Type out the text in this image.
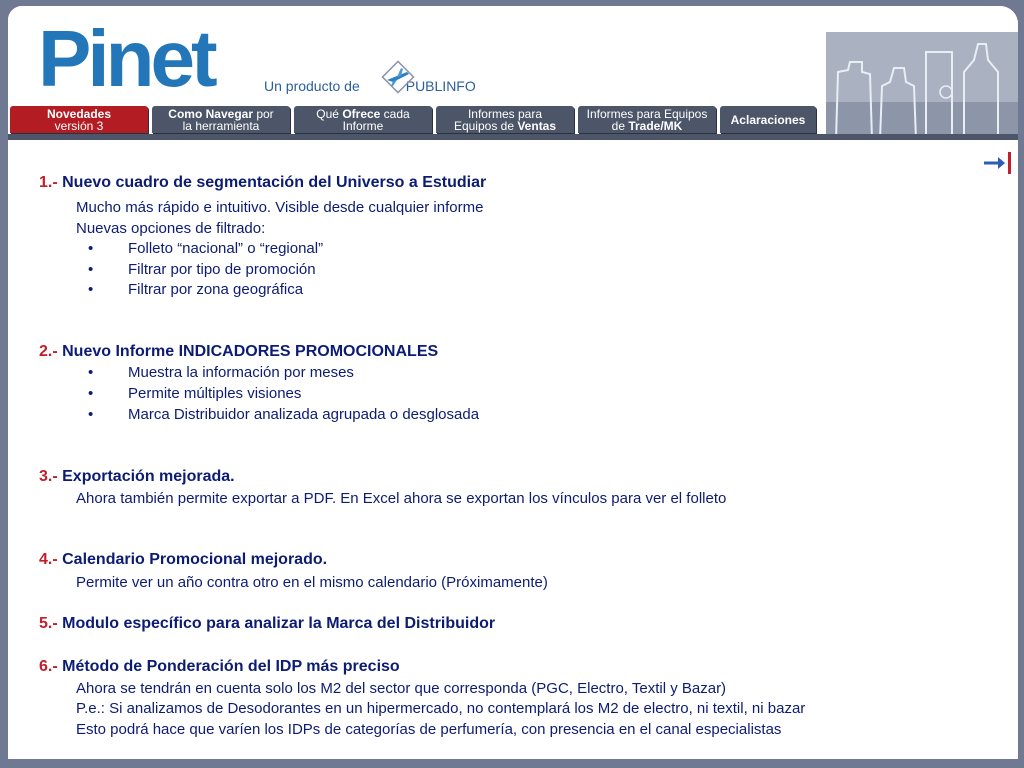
Pinet	Un producto de	PUBLINFO
Novedades
versión 3
Como Navegar por
la herramienta
Qué Ofrece cada
Informe
Informes para
Equipos de Ventas
Informes para Equipos
de Trade/MK	Aclaraciones
1.- Nuevo cuadro de segmentación del Universo a Estudiar
Mucho más rápido e intuitivo. Visible desde cualquier informe
Nuevas opciones de filtrado:
• Folleto “nacional” o “regional”
• Filtrar por tipo de promoción
• Filtrar por zona geográfica
2.- Nuevo Informe INDICADORES PROMOCIONALES
• Muestra la información por meses
• Permite múltiples visiones
• Marca Distribuidor analizada agrupada o desglosada
3.- Exportación mejorada.
Ahora también permite exportar a PDF. En Excel ahora se exportan los vínculos para ver el folleto
4.- Calendario Promocional mejorado.
Permite ver un año contra otro en el mismo calendario (Próximamente)
5.- Modulo específico para analizar la Marca del Distribuidor
6.- Método de Ponderación del IDP más preciso
Ahora se tendrán en cuenta solo los M2 del sector que corresponda (PGC, Electro, Textil y Bazar)
P.e.: Si analizamos de Desodorantes en un hipermercado, no contemplará los M2 de electro, ni textil, ni bazar
Esto podrá hace que varíen los IDPs de categorías de perfumería, con presencia en el canal especialistas
